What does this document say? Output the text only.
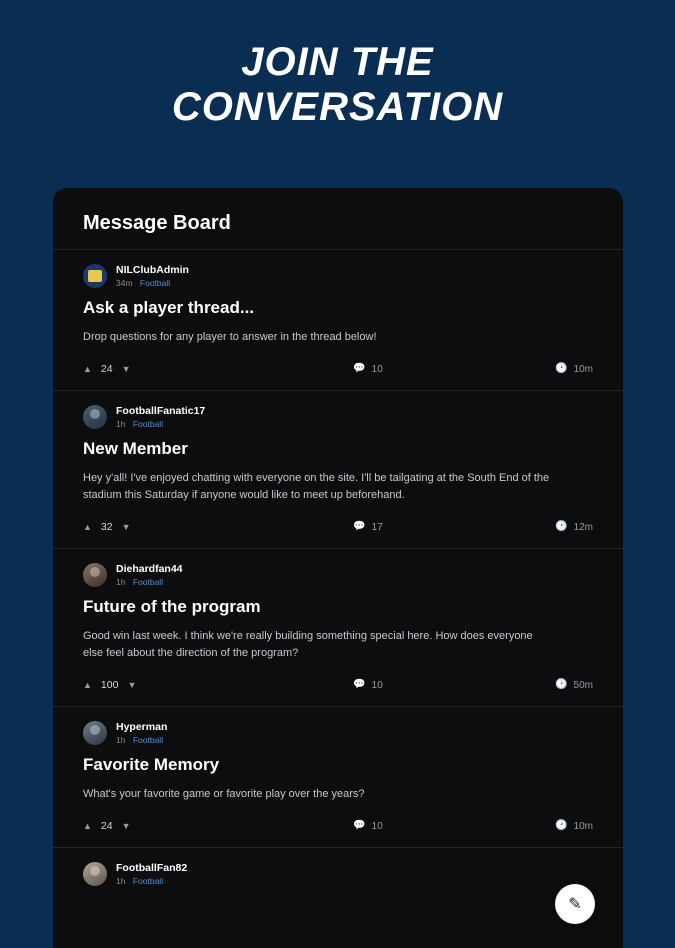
JOIN THE
CONVERSATION
Message Board
NILClubAdmin
34m Football
Ask a player thread...
Drop questions for any player to answer in the thread below!
▲ 24 ▼	💬 10	🕑 10m
FootballFanatic17
1h Football
New Member
Hey y'all! I've enjoyed chatting with everyone on the site. I'll be tailgating at the South End of the stadium this Saturday if anyone would like to meet up beforehand.
▲ 32 ▼	💬 17	🕑 12m
Diehardfan44
1h Football
Future of the program
Good win last week. I think we're really building something special here. How does everyone else feel about the direction of the program?
▲ 100 ▼	💬 10	🕑 50m
Hyperman
1h Football
Favorite Memory
What's your favorite game or favorite play over the years?
▲ 24 ▼	💬 10	🕑 10m
FootballFan82
1h Football
✎
